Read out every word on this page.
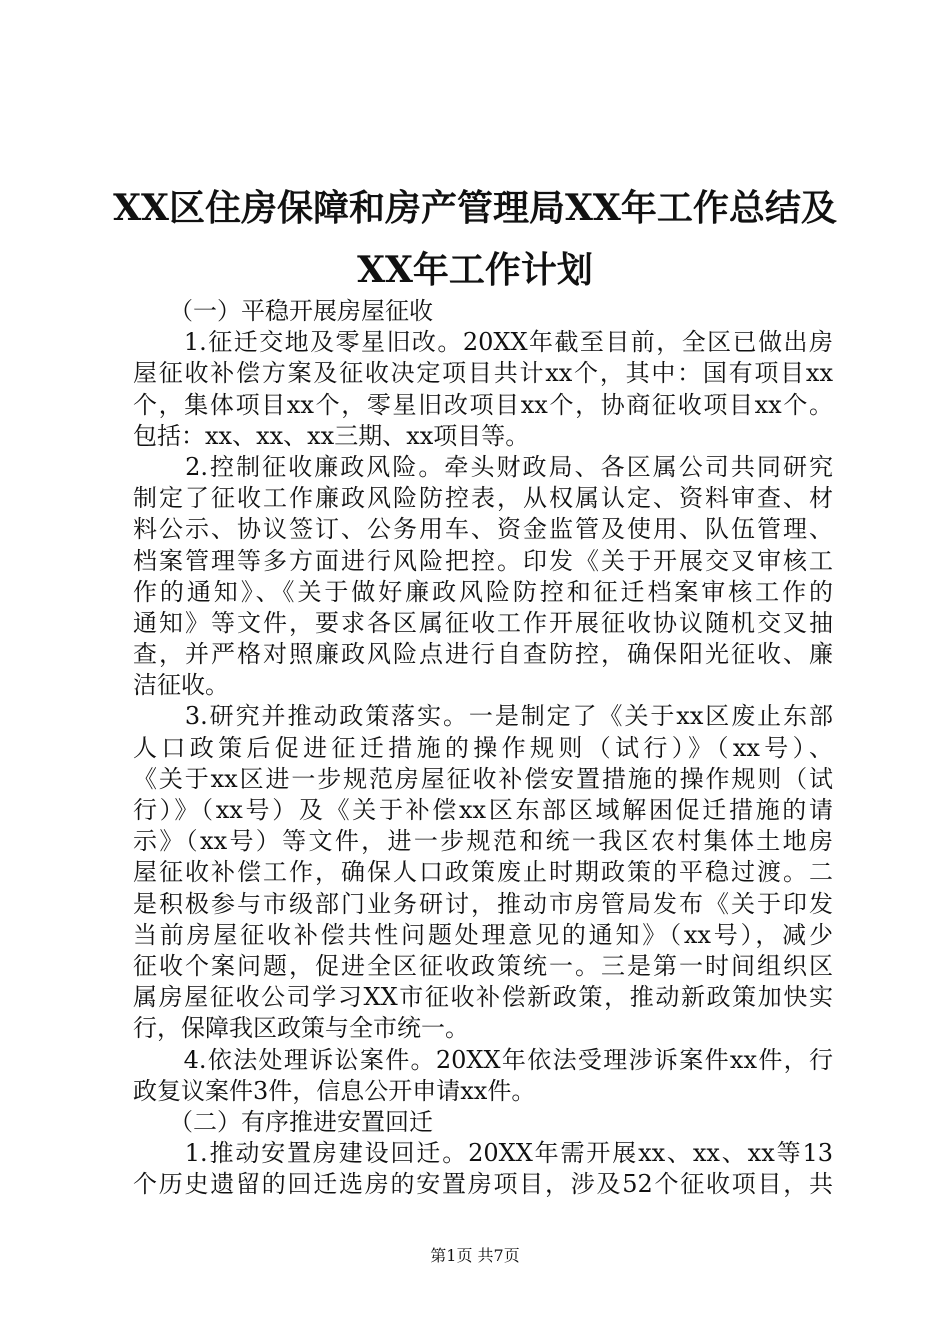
XX区住房保障和房产管理局XX年工作总结及
XX年工作计划
　　（一）平稳开展房屋征收
　　1.征迁交地及零星旧改。20XX年截至目前，全区已做出房
屋征收补偿方案及征收决定项目共计xx个，其中：国有项目xx
个，集体项目xx个，零星旧改项目xx个，协商征收项目xx个。
包括：xx、xx、xx三期、xx项目等。
　　2.控制征收廉政风险。牵头财政局、各区属公司共同研究
制定了征收工作廉政风险防控表，从权属认定、资料审查、材
料公示、协议签订、公务用车、资金监管及使用、队伍管理、
档案管理等多方面进行风险把控。印发《关于开展交叉审核工
作的通知》、《关于做好廉政风险防控和征迁档案审核工作的
通知》等文件，要求各区属征收工作开展征收协议随机交叉抽
查，并严格对照廉政风险点进行自查防控，确保阳光征收、廉
洁征收。
　　3.研究并推动政策落实。一是制定了《关于xx区废止东部
人口政策后促进征迁措施的操作规则（试行）》（xx号）、
《关于xx区进一步规范房屋征收补偿安置措施的操作规则（试
行）》（xx号）及《关于补偿xx区东部区域解困促迁措施的请
示》（xx号）等文件，进一步规范和统一我区农村集体土地房
屋征收补偿工作，确保人口政策废止时期政策的平稳过渡。二
是积极参与市级部门业务研讨，推动市房管局发布《关于印发
当前房屋征收补偿共性问题处理意见的通知》（xx号），减少
征收个案问题，促进全区征收政策统一。三是第一时间组织区
属房屋征收公司学习XX市征收补偿新政策，推动新政策加快实
行，保障我区政策与全市统一。
　　4.依法处理诉讼案件。20XX年依法受理涉诉案件xx件，行
政复议案件3件，信息公开申请xx件。
　　（二）有序推进安置回迁
　　1.推动安置房建设回迁。20XX年需开展xx、xx、xx等13
个历史遗留的回迁选房的安置房项目，涉及52个征收项目，共
第1页 共7页
